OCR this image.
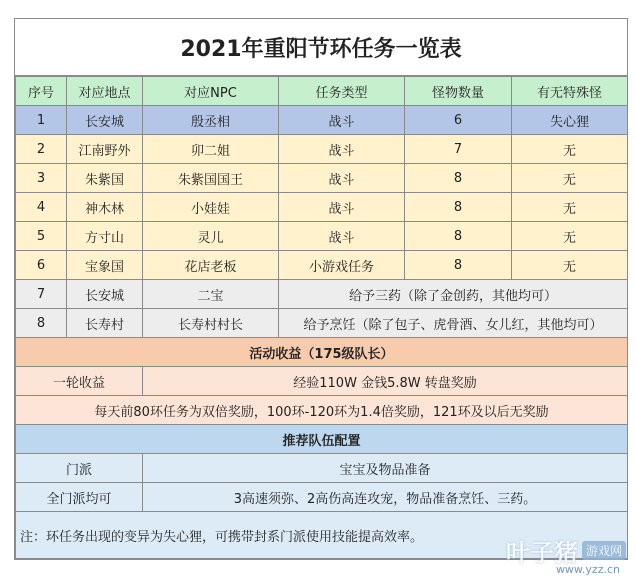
2021年重阳节环任务一览表
序号	对应地点	对应NPC	任务类型	怪物数量	有无特殊怪
1	长安城	殷丞相	战斗	6	失心狸
2	江南野外	卯二姐	战斗	7	无
3	朱紫国	朱紫国国王	战斗	8	无
4	神木林	小娃娃	战斗	8	无
5	方寸山	灵儿	战斗	8	无
6	宝象国	花店老板	小游戏任务	8	无
7	长安城	二宝	给予三药（除了金创药，其他均可）		
8	长寿村	长寿村村长	给予烹饪（除了包子、虎骨酒、女儿红，其他均可）		
活动收益（175级队长）					
一轮收益		经验110W 金钱5.8W 转盘奖励			
每天前80环任务为双倍奖励，100环-120环为1.4倍奖励，121环及以后无奖励					
推荐队伍配置					
门派		宝宝及物品准备			
全门派均可		3高速须弥、2高伤高连攻宠，物品准备烹饪、三药。			
注：环任务出现的变异为失心狸，可携带封系门派使用技能提高效率。					
叶子猪 游戏网
www.yzz.cn
